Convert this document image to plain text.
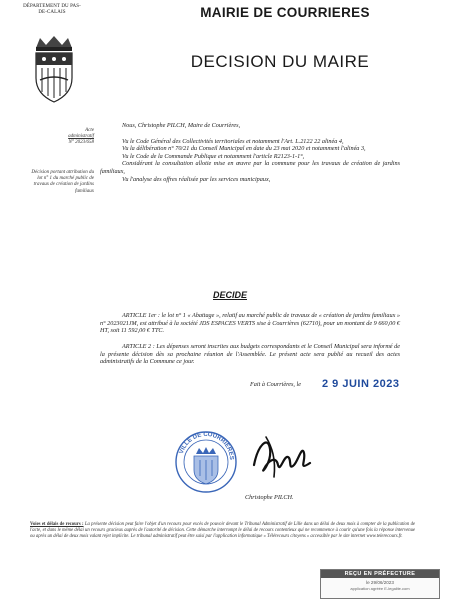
DÉPARTEMENT DU PAS-DE-CALAIS	MAIRIE DE COURRIERES
DECISION DU MAIRE
Acte
administratif
N° 2023/658
Décision portant attribution du lot n° 1 du marché public de travaux de création de jardins familiaux

Nous, Christophe PILCH, Maire de Courrières,

Vu le Code Général des Collectivités territoriales et notamment l'Art. L.2122 22 alinéa 4,

Vu la délibération n° 70/21 du Conseil Municipal en date du 23 mai 2020 et notamment l'alinéa 3,

Vu le Code de la Commande Publique et notamment l'article R2123-1-1°,

Considérant la consultation allotie mise en œuvre par la commune pour les travaux de création de jardins familiaux,

Vu l'analyse des offres réalisée par les services municipaux,

DECIDE

ARTICLE 1er : le lot n° 1 « Abattage », relatif au marché public de travaux de « création de jardins familiaux » n° 2023021JM, est attribué à la société JDS ESPACES VERTS sise à Courrières (62710), pour un montant de 9 660,00 € HT, soit 11 592,00 € TTC.

ARTICLE 2 : Les dépenses seront inscrites aux budgets correspondants et le Conseil Municipal sera informé de la présente décision dès sa prochaine réunion de l'Assemblée. Le présent acte sera publié au recueil des actes administratifs de la Commune ce jour.

Fait à Courrières, le 2 9 JUIN 2023
VILLE DE COURRIÈRES
Christophe PILCH.
Voies et délais de recours : La présente décision peut faire l'objet d'un recours pour excès de pouvoir devant le Tribunal Administratif de Lille dans un délai de deux mois à compter de la publication de l'acte, et dans le même délai un recours gracieux auprès de l'autorité de décision. Cette démarche interrompt le délai de recours contentieux qui ne recommence à courir qu'une fois la réponse intervenue ou après un délai de deux mois valant rejet implicite. Le tribunal administratif peut être saisi par l'application informatique « Télérecours citoyens » accessible par le site internet www.telerecours.fr.
REÇU EN PRÉFECTURE
le 29/06/2023
application agréée E-legalite.com
